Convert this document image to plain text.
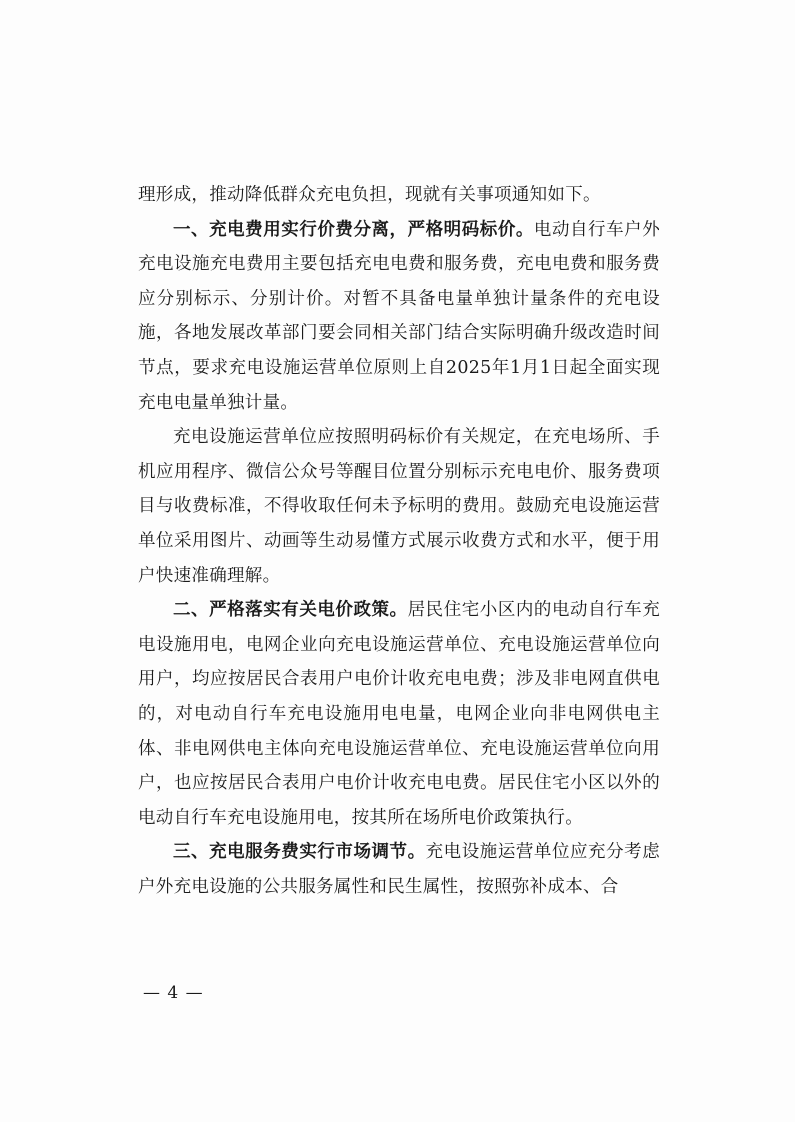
理形成，推动降低群众充电负担，现就有关事项通知如下。

一、充电费用实行价费分离，严格明码标价。电动自行车户外充电设施充电费用主要包括充电电费和服务费，充电电费和服务费应分别标示、分别计价。对暂不具备电量单独计量条件的充电设施，各地发展改革部门要会同相关部门结合实际明确升级改造时间节点，要求充电设施运营单位原则上自2025年1月1日起全面实现充电电量单独计量。

充电设施运营单位应按照明码标价有关规定，在充电场所、手机应用程序、微信公众号等醒目位置分别标示充电电价、服务费项目与收费标准，不得收取任何未予标明的费用。鼓励充电设施运营单位采用图片、动画等生动易懂方式展示收费方式和水平，便于用户快速准确理解。

二、严格落实有关电价政策。居民住宅小区内的电动自行车充电设施用电，电网企业向充电设施运营单位、充电设施运营单位向用户，均应按居民合表用户电价计收充电电费；涉及非电网直供电的，对电动自行车充电设施用电电量，电网企业向非电网供电主体、非电网供电主体向充电设施运营单位、充电设施运营单位向用户，也应按居民合表用户电价计收充电电费。居民住宅小区以外的电动自行车充电设施用电，按其所在场所电价政策执行。

三、充电服务费实行市场调节。充电设施运营单位应充分考虑户外充电设施的公共服务属性和民生属性，按照弥补成本、合

— 4 —
